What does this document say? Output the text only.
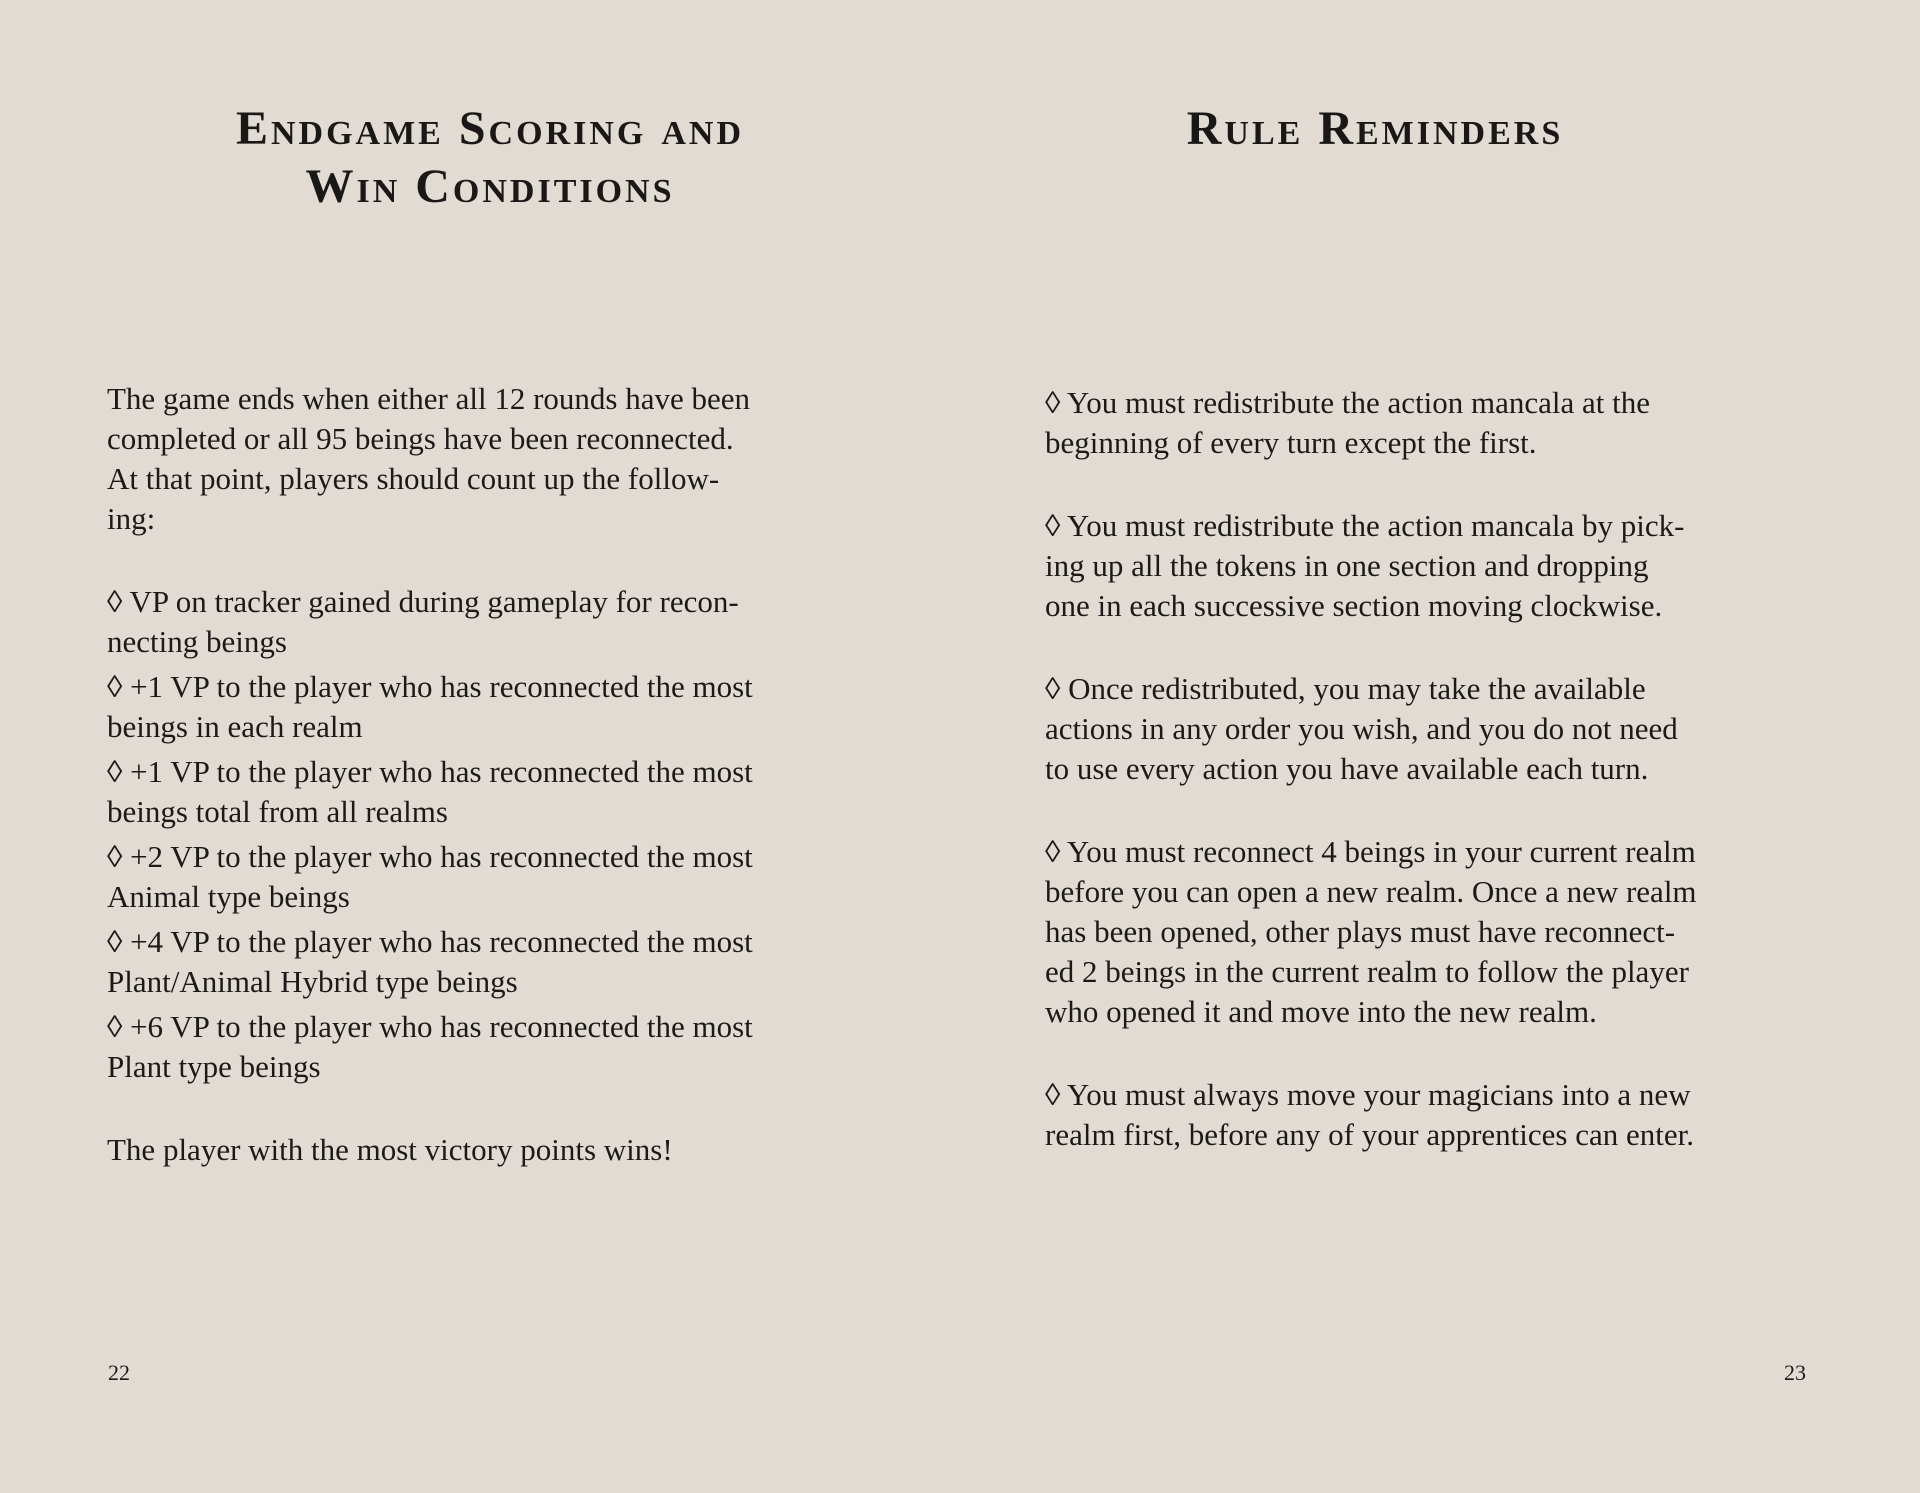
Endgame Scoring and
Win Conditions

The game ends when either all 12 rounds have been
completed or all 95 beings have been reconnected.
At that point, players should count up the follow-
ing:

◊ VP on tracker gained during gameplay for recon-
necting beings

◊ +1 VP to the player who has reconnected the most
beings in each realm

◊ +1 VP to the player who has reconnected the most
beings total from all realms

◊ +2 VP to the player who has reconnected the most
Animal type beings

◊ +4 VP to the player who has reconnected the most
Plant/Animal Hybrid type beings

◊ +6 VP to the player who has reconnected the most
Plant type beings

The player with the most victory points wins!

22
Rule Reminders

◊ You must redistribute the action mancala at the
beginning of every turn except the first.

◊ You must redistribute the action mancala by pick-
ing up all the tokens in one section and dropping
one in each successive section moving clockwise.

◊ Once redistributed, you may take the available
actions in any order you wish, and you do not need
to use every action you have available each turn.

◊ You must reconnect 4 beings in your current realm
before you can open a new realm. Once a new realm
has been opened, other plays must have reconnect-
ed 2 beings in the current realm to follow the player
who opened it and move into the new realm.

◊ You must always move your magicians into a new
realm first, before any of your apprentices can enter.

23
